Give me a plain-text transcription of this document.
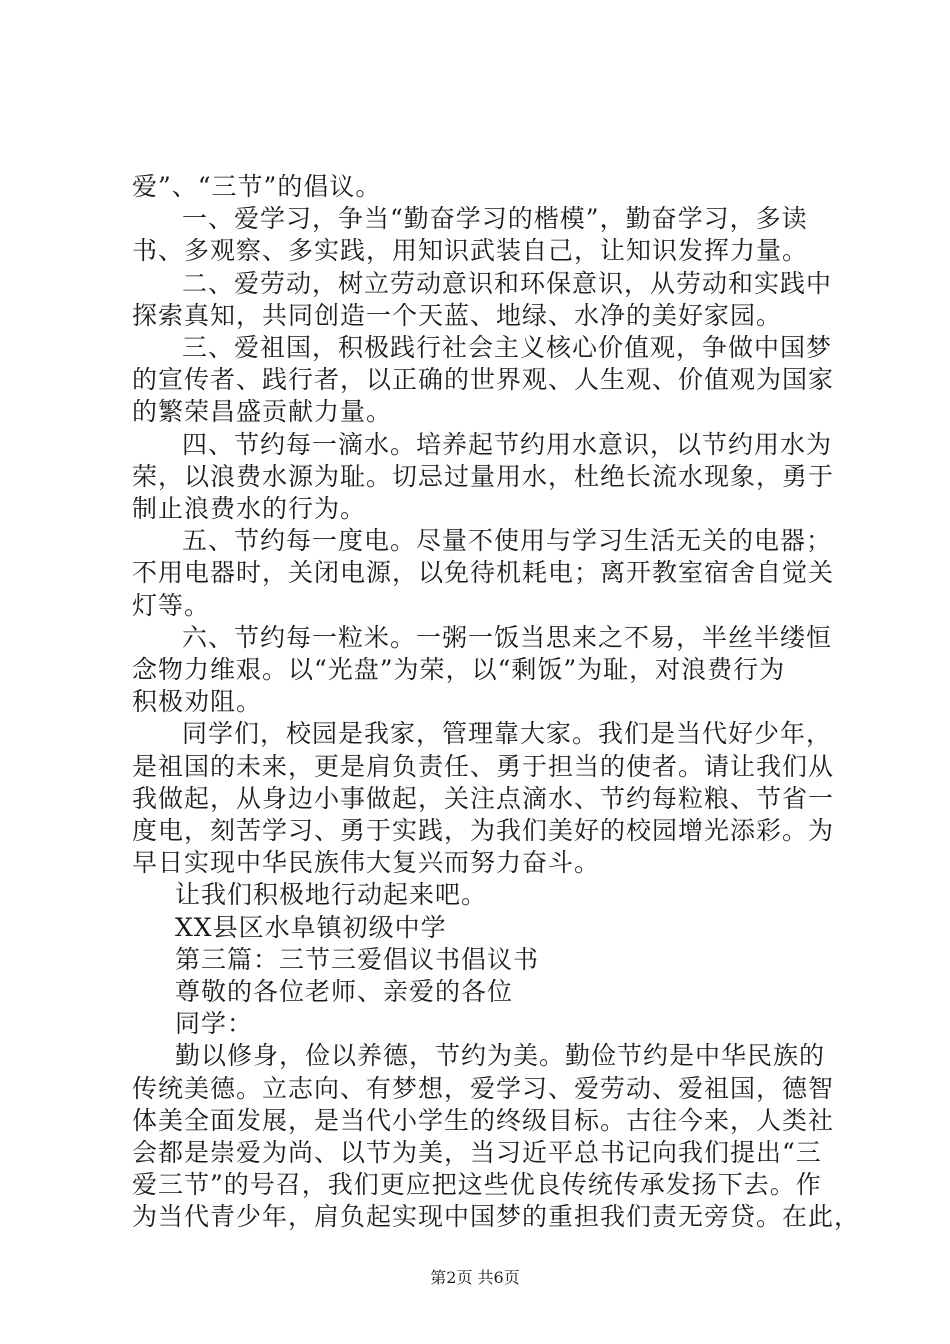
爱”、“三节”的倡议。
一、爱学习，争当“勤奋学习的楷模”，勤奋学习，多读
书、多观察、多实践，用知识武装自己，让知识发挥力量。
二、爱劳动，树立劳动意识和环保意识，从劳动和实践中
探索真知，共同创造一个天蓝、地绿、水净的美好家园。
三、爱祖国，积极践行社会主义核心价值观，争做中国梦
的宣传者、践行者，以正确的世界观、人生观、价值观为国家
的繁荣昌盛贡献力量。
四、节约每一滴水。培养起节约用水意识，以节约用水为
荣，以浪费水源为耻。切忌过量用水，杜绝长流水现象，勇于
制止浪费水的行为。
五、节约每一度电。尽量不使用与学习生活无关的电器；
不用电器时，关闭电源，以免待机耗电；离开教室宿舍自觉关
灯等。
六、节约每一粒米。一粥一饭当思来之不易，半丝半缕恒
念物力维艰。以“光盘”为荣，以“剩饭”为耻，对浪费行为
积极劝阻。
同学们，校园是我家，管理靠大家。我们是当代好少年，
是祖国的未来，更是肩负责任、勇于担当的使者。请让我们从
我做起，从身边小事做起，关注点滴水、节约每粒粮、节省一
度电，刻苦学习、勇于实践，为我们美好的校园增光添彩。为
早日实现中华民族伟大复兴而努力奋斗。
让我们积极地行动起来吧。
XX县区水阜镇初级中学
第三篇：三节三爱倡议书倡议书
尊敬的各位老师、亲爱的各位
同学：
勤以修身，俭以养德，节约为美。勤俭节约是中华民族的
传统美德。立志向、有梦想，爱学习、爱劳动、爱祖国，德智
体美全面发展，是当代小学生的终级目标。古往今来，人类社
会都是崇爱为尚、以节为美，当习近平总书记向我们提出“三
爱三节”的号召，我们更应把这些优良传统传承发扬下去。作
第2页 共6页
为当代青少年，肩负起实现中国梦的重担我们责无旁贷。在此，
